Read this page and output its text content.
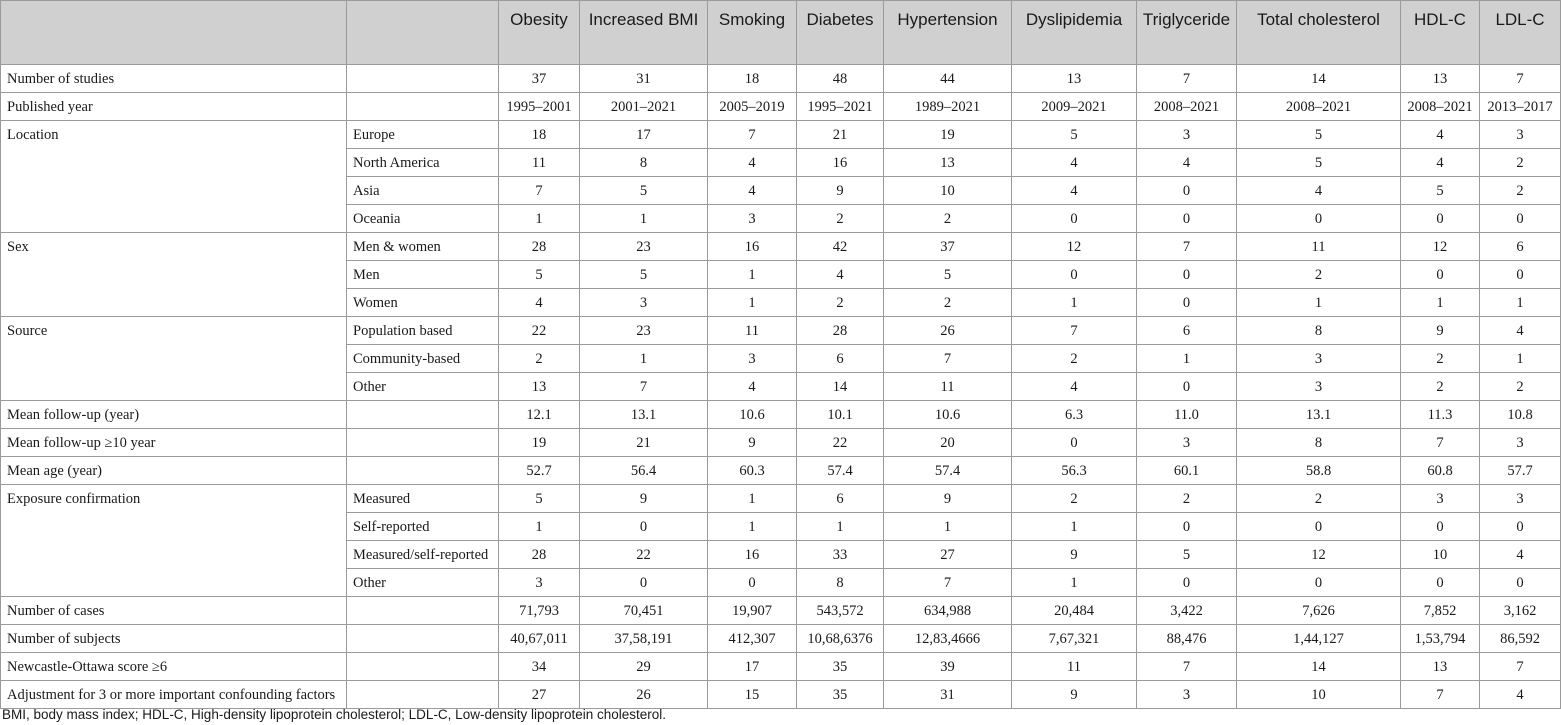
		Obesity	Increased BMI	Smoking	Diabetes	Hypertension	Dyslipidemia	Triglyceride	Total cholesterol	HDL-C	LDL-C
Number of studies		37	31	18	48	44	13	7	14	13	7
Published year		1995–2001	2001–2021	2005–2019	1995–2021	1989–2021	2009–2021	2008–2021	2008–2021	2008–2021	2013–2017
Location	Europe	18	17	7	21	19	5	3	5	4	3
	North America	11	8	4	16	13	4	4	5	4	2
	Asia	7	5	4	9	10	4	0	4	5	2
	Oceania	1	1	3	2	2	0	0	0	0	0
Sex	Men & women	28	23	16	42	37	12	7	11	12	6
	Men	5	5	1	4	5	0	0	2	0	0
	Women	4	3	1	2	2	1	0	1	1	1
Source	Population based	22	23	11	28	26	7	6	8	9	4
	Community-based	2	1	3	6	7	2	1	3	2	1
	Other	13	7	4	14	11	4	0	3	2	2
Mean follow-up (year)		12.1	13.1	10.6	10.1	10.6	6.3	11.0	13.1	11.3	10.8
Mean follow-up ≥10 year		19	21	9	22	20	0	3	8	7	3
Mean age (year)		52.7	56.4	60.3	57.4	57.4	56.3	60.1	58.8	60.8	57.7
Exposure confirmation	Measured	5	9	1	6	9	2	2	2	3	3
	Self-reported	1	0	1	1	1	1	0	0	0	0
	Measured/self-reported	28	22	16	33	27	9	5	12	10	4
	Other	3	0	0	8	7	1	0	0	0	0
Number of cases		71,793	70,451	19,907	543,572	634,988	20,484	3,422	7,626	7,852	3,162
Number of subjects		40,67,011	37,58,191	412,307	10,68,6376	12,83,4666	7,67,321	88,476	1,44,127	1,53,794	86,592
Newcastle-Ottawa score ≥6		34	29	17	35	39	11	7	14	13	7
Adjustment for 3 or more important confounding factors		27	26	15	35	31	9	3	10	7	4
BMI, body mass index; HDL-C, High-density lipoprotein cholesterol; LDL-C, Low-density lipoprotein cholesterol.
